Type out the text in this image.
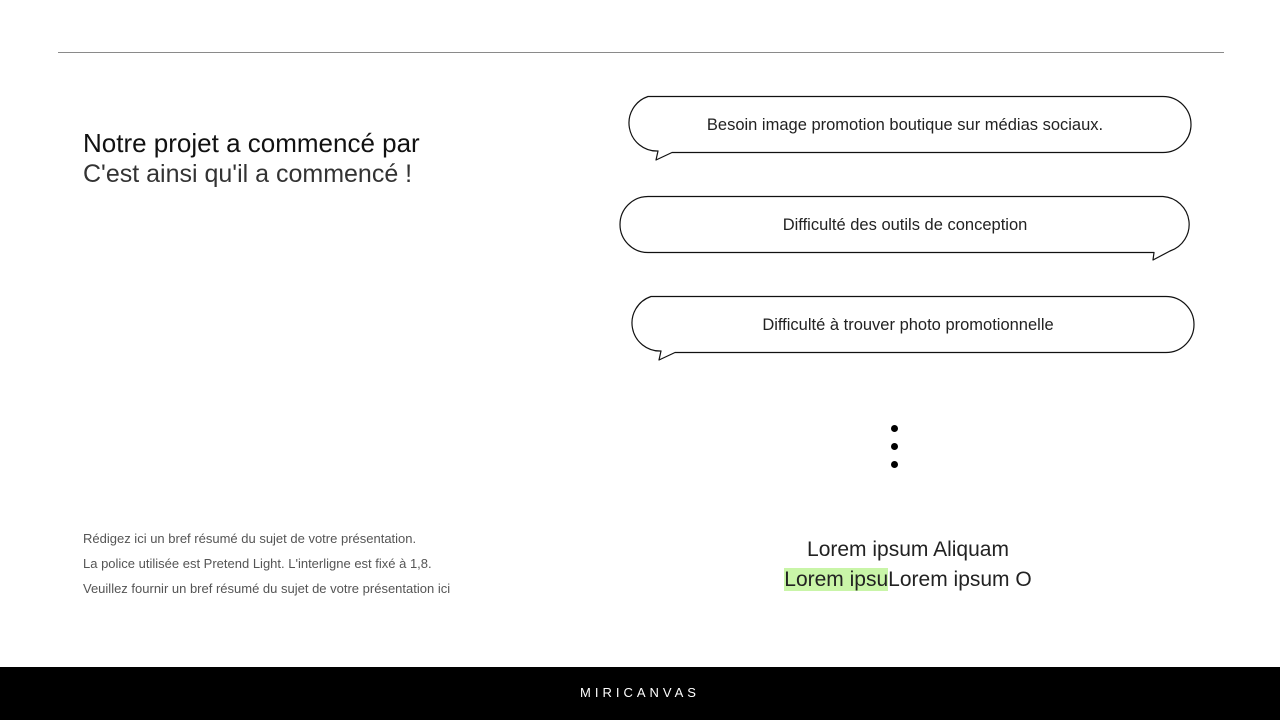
Notre projet a commencé par
C'est ainsi qu'il a commencé !
Rédigez ici un bref résumé du sujet de votre présentation.
La police utilisée est Pretend Light. L'interligne est fixé à 1,8.
Veuillez fournir un bref résumé du sujet de votre présentation ici
Besoin image promotion boutique sur médias sociaux.
Difficulté des outils de conception
Difficulté à trouver photo promotionnelle
Lorem ipsum Aliquam
Lorem ipsuLorem ipsum O
MIRICANVAS
